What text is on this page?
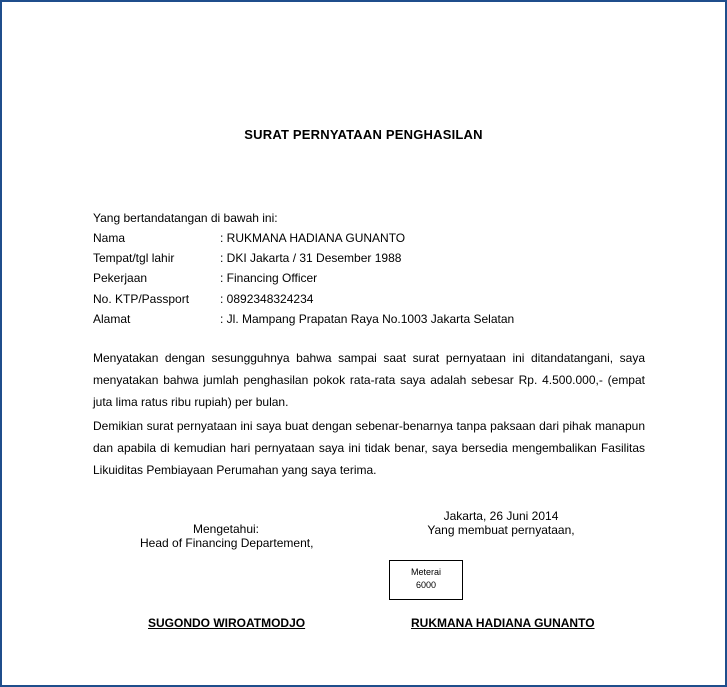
SURAT PERNYATAAN PENGHASILAN
Yang bertandatangan di bawah ini:
Nama	: RUKMANA HADIANA GUNANTO
Tempat/tgl lahir	: DKI Jakarta / 31 Desember 1988
Pekerjaan	: Financing Officer
No. KTP/Passport	: 0892348324234
Alamat	: Jl. Mampang Prapatan Raya No.1003 Jakarta Selatan
Menyatakan dengan sesungguhnya bahwa sampai saat surat pernyataan ini ditandatangani, saya menyatakan bahwa jumlah penghasilan pokok rata-rata saya adalah sebesar Rp. 4.500.000,- (empat juta lima ratus ribu rupiah) per bulan.
Demikian surat pernyataan ini saya buat dengan sebenar-benarnya tanpa paksaan dari pihak manapun dan apabila di kemudian hari pernyataan saya ini tidak benar, saya bersedia mengembalikan Fasilitas Likuiditas Pembiayaan Perumahan yang saya terima.
Mengetahui:
Head of Financing Departement,
Jakarta, 26 Juni 2014
Yang membuat pernyataan,
Meterai
6000
SUGONDO WIROATMODJO	RUKMANA HADIANA GUNANTO
